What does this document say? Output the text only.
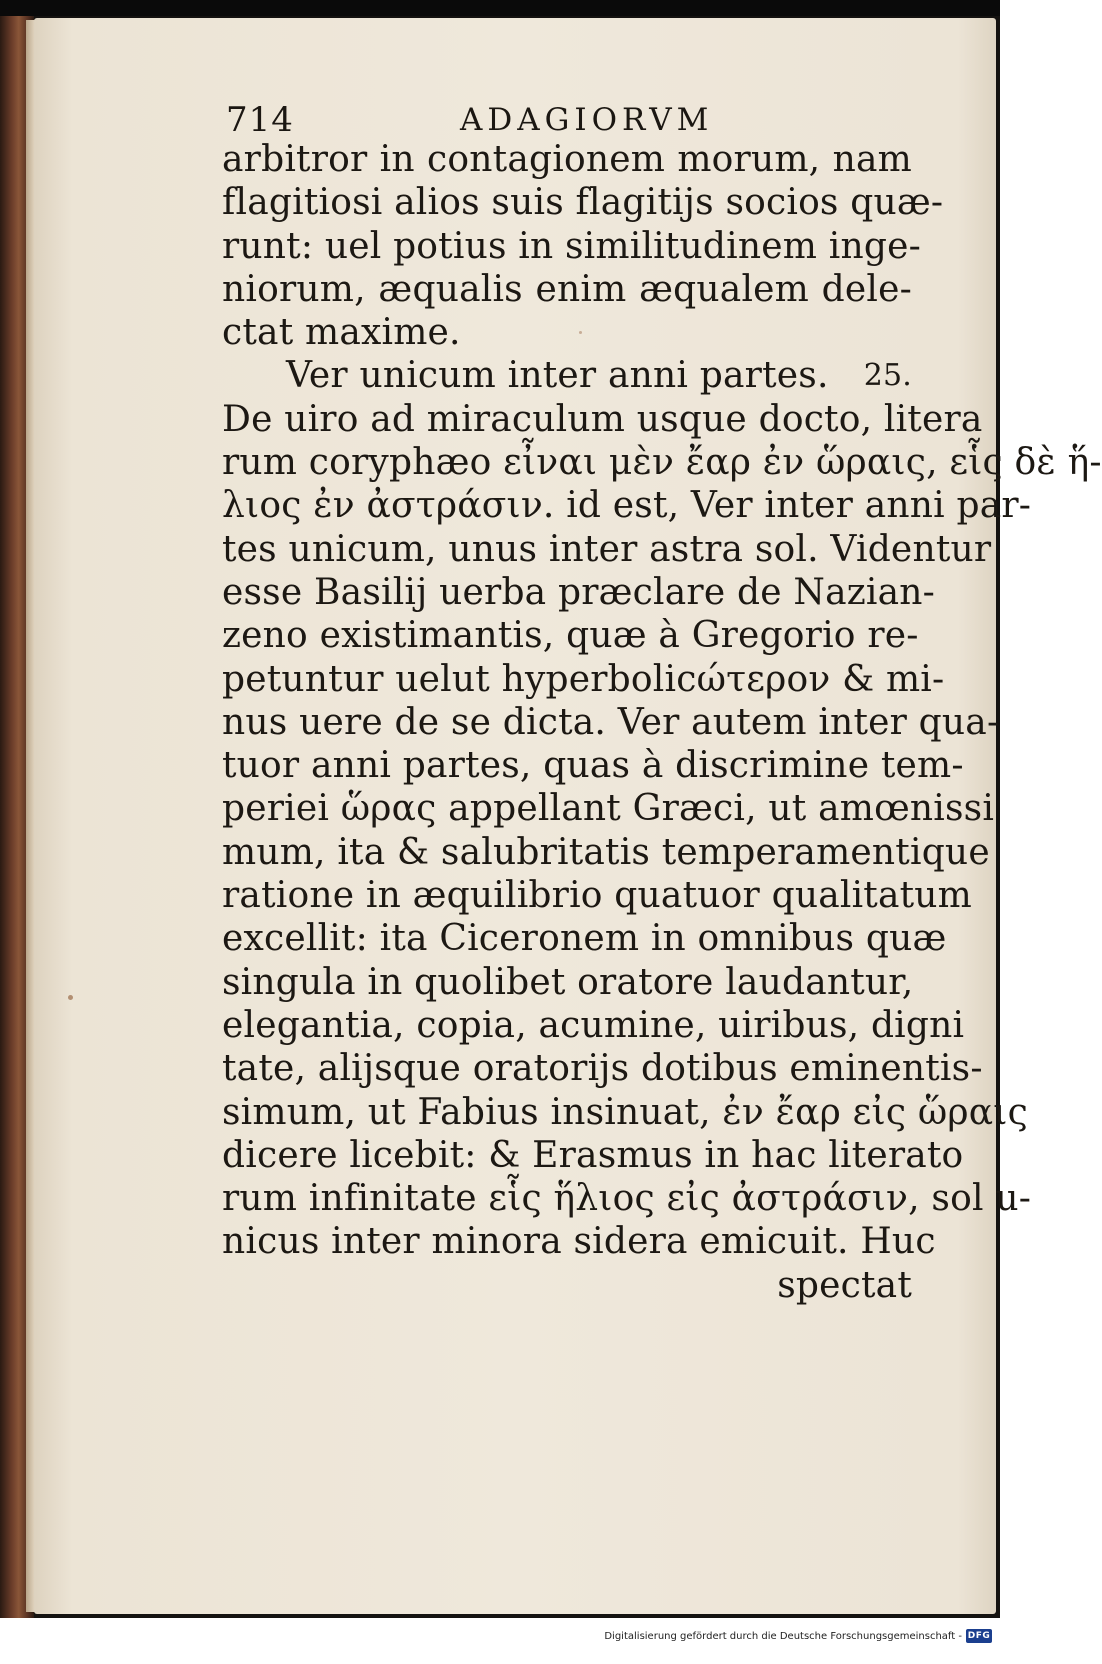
714	ADAGIORVM
arbitror in contagionem morum, nam
flagitiosi alios suis flagitijs socios quæ-
runt: uel potius in similitudinem inge-
niorum, æqualis enim æqualem dele-
ctat maxime.
Ver unicum inter anni partes. 25.
De uiro ad miraculum usque docto, litera
rum coryphæo εἶναι μὲν ἔαρ ἐν ὥραις, εἷς δὲ ἥ-
λιος ἐν ἀστράσιν. id est, Ver inter anni par-
tes unicum, unus inter astra sol. Videntur
esse Basilij uerba præclare de Nazian-
zeno existimantis, quæ à Gregorio re-
petuntur uelut hyperbolicώτερον & mi-
nus uere de se dicta. Ver autem inter qua-
tuor anni partes, quas à discrimine tem-
periei ὥρας appellant Græci, ut amœnissi
mum, ita & salubritatis temperamentique
ratione in æquilibrio quatuor qualitatum
excellit: ita Ciceronem in omnibus quæ
singula in quolibet oratore laudantur,
elegantia, copia, acumine, uiribus, digni
tate, alijsque oratorijs dotibus eminentis-
simum, ut Fabius insinuat, ἐν ἔαρ εἰς ὥραις
dicere licebit: & Erasmus in hac literato
rum infinitate εἷς ἥλιος εἰς ἀστράσιν, sol u-
nicus inter minora sidera emicuit. Huc
spectat
Digitalisierung gefördert durch die Deutsche Forschungsgemeinschaft - DFG
